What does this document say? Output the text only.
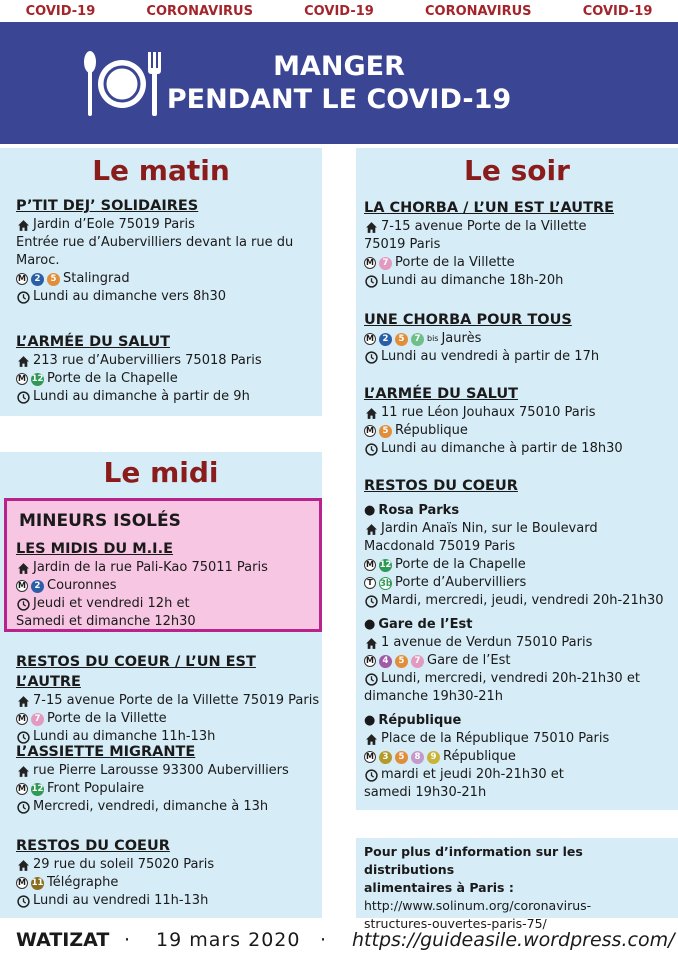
COVID-19	CORONAVIRUS	COVID-19	CORONAVIRUS	COVID-19
MANGER
PENDANT LE COVID-19
Le matin
P’TIT DEJ’ SOLIDAIRES
Jardin d’Eole 75019 Paris
Entrée rue d’Aubervilliers devant la rue du
Maroc.
M	2	5 Stalingrad
Lundi au dimanche vers 8h30
L’ARMÉE DU SALUT
213 rue d’Aubervilliers 75018 Paris
M 12 Porte de la Chapelle
Lundi au dimanche à partir de 9h
Le midi
MINEURS ISOLÉS
LES MIDIS DU M.I.E
Jardin de la rue Pali-Kao 75011 Paris
M	2 Couronnes
Jeudi et vendredi 12h et
Samedi et dimanche 12h30
RESTOS DU COEUR / L’UN EST L’AUTRE
7-15 avenue Porte de la Villette 75019 Paris
M	7 Porte de la Villette
Lundi au dimanche 11h-13h
L’ASSIETTE MIGRANTE
rue Pierre Larousse 93300 Aubervilliers
M 12 Front Populaire
Mercredi, vendredi, dimanche à 13h
RESTOS DU COEUR
29 rue du soleil 75020 Paris
M 11 Télégraphe
Lundi au vendredi 11h-13h
Le soir
LA CHORBA / L’UN EST L’AUTRE
7-15 avenue Porte de la Villette
75019 Paris
M	7 Porte de la Villette
Lundi au dimanche 18h-20h
UNE CHORBA POUR TOUS
M	2	5	7 bis Jaurès
Lundi au vendredi à partir de 17h
L’ARMÉE DU SALUT
11 rue Léon Jouhaux 75010 Paris
M	5 République
Lundi au dimanche à partir de 18h30
RESTOS DU COEUR
● Rosa Parks
Jardin Anaïs Nin, sur le Boulevard
Macdonald 75019 Paris
M 12 Porte de la Chapelle
T 3b Porte d’Aubervilliers
Mardi, mercredi, jeudi, vendredi 20h-21h30
● Gare de l’Est
1 avenue de Verdun 75010 Paris
M	4	5	7 Gare de l’Est
Lundi, mercredi, vendredi 20h-21h30 et
dimanche 19h30-21h
● République
Place de la République 75010 Paris
M	3	5	8	9 République
mardi et jeudi 20h-21h30 et
samedi 19h30-21h
Pour plus d’information sur les distributions
alimentaires à Paris :
http://www.solinum.org/coronavirus-
structures-ouvertes-paris-75/
WATIZAT · 19 mars 2020 · https://guideasile.wordpress.com/
